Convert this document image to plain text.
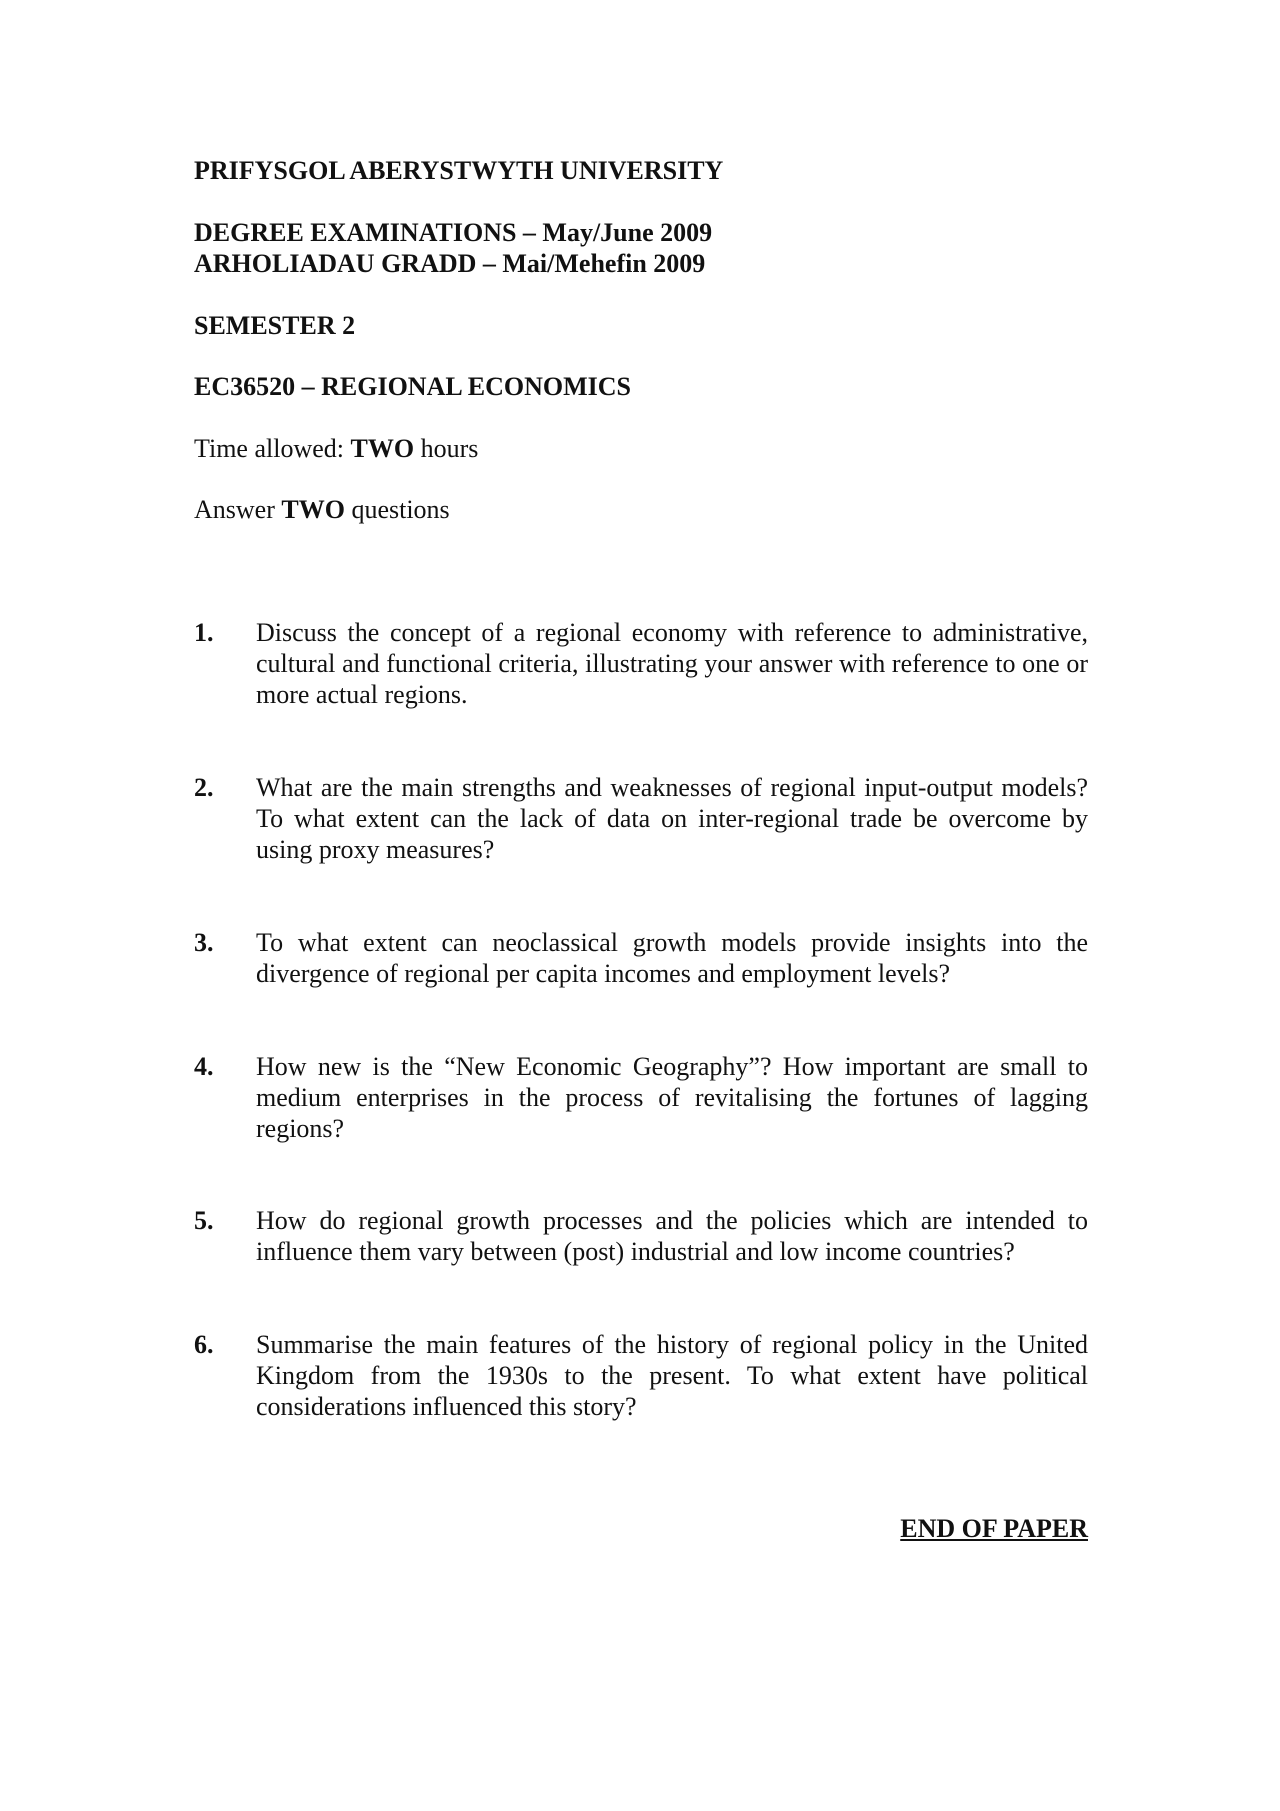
PRIFYSGOL ABERYSTWYTH UNIVERSITY
DEGREE EXAMINATIONS – May/June 2009
ARHOLIADAU GRADD – Mai/Mehefin 2009
SEMESTER 2
EC36520 – REGIONAL ECONOMICS
Time allowed: TWO hours
Answer TWO questions
1. Discuss the concept of a regional economy with reference to administrative, cultural and functional criteria, illustrating your answer with reference to one or more actual regions.
2. What are the main strengths and weaknesses of regional input-output models? To what extent can the lack of data on inter-regional trade be overcome by using proxy measures?
3. To what extent can neoclassical growth models provide insights into the divergence of regional per capita incomes and employment levels?
4. How new is the “New Economic Geography”? How important are small to medium enterprises in the process of revitalising the fortunes of lagging regions?
5. How do regional growth processes and the policies which are intended to influence them vary between (post) industrial and low income countries?
6. Summarise the main features of the history of regional policy in the United Kingdom from the 1930s to the present. To what extent have political considerations influenced this story?
END OF PAPER
